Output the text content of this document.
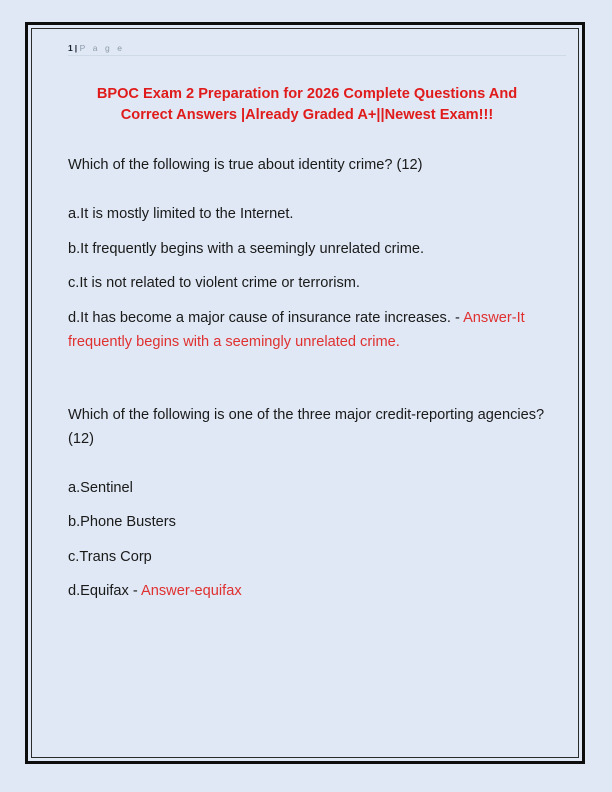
1 | P a g e
BPOC Exam 2 Preparation for 2026 Complete Questions And Correct Answers |Already Graded A+||Newest Exam!!!

Which of the following is true about identity crime? (12)

a.It is mostly limited to the Internet.
b.It frequently begins with a seemingly unrelated crime.
c.It is not related to violent crime or terrorism.
d.It has become a major cause of insurance rate increases. - Answer-It frequently begins with a seemingly unrelated crime.

Which of the following is one of the three major credit-reporting agencies? (12)

a.Sentinel
b.Phone Busters
c.Trans Corp
d.Equifax - Answer-equifax
